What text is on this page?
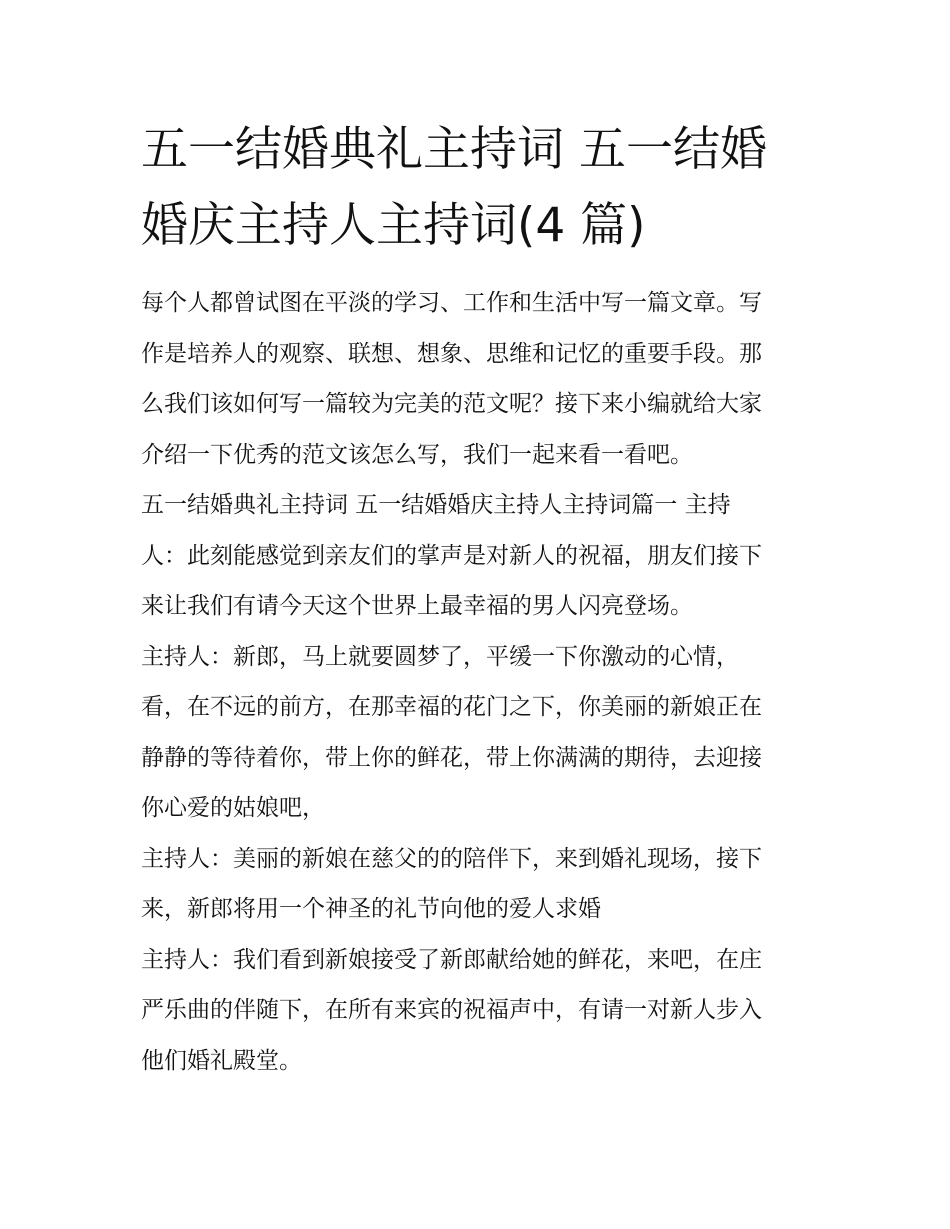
五一结婚典礼主持词 五一结婚
婚庆主持人主持词(4 篇)
每个人都曾试图在平淡的学习、工作和生活中写一篇文章。写
作是培养人的观察、联想、想象、思维和记忆的重要手段。那
么我们该如何写一篇较为完美的范文呢？接下来小编就给大家
介绍一下优秀的范文该怎么写，我们一起来看一看吧。
五一结婚典礼主持词 五一结婚婚庆主持人主持词篇一 主持
人：此刻能感觉到亲友们的掌声是对新人的祝福，朋友们接下
来让我们有请今天这个世界上最幸福的男人闪亮登场。
主持人：新郎，马上就要圆梦了，平缓一下你激动的心情，
看，在不远的前方，在那幸福的花门之下，你美丽的新娘正在
静静的等待着你，带上你的鲜花，带上你满满的期待，去迎接
你心爱的姑娘吧，
主持人：美丽的新娘在慈父的的陪伴下，来到婚礼现场，接下
来，新郎将用一个神圣的礼节向他的爱人求婚
主持人：我们看到新娘接受了新郎献给她的鲜花，来吧，在庄
严乐曲的伴随下，在所有来宾的祝福声中，有请一对新人步入
他们婚礼殿堂。
